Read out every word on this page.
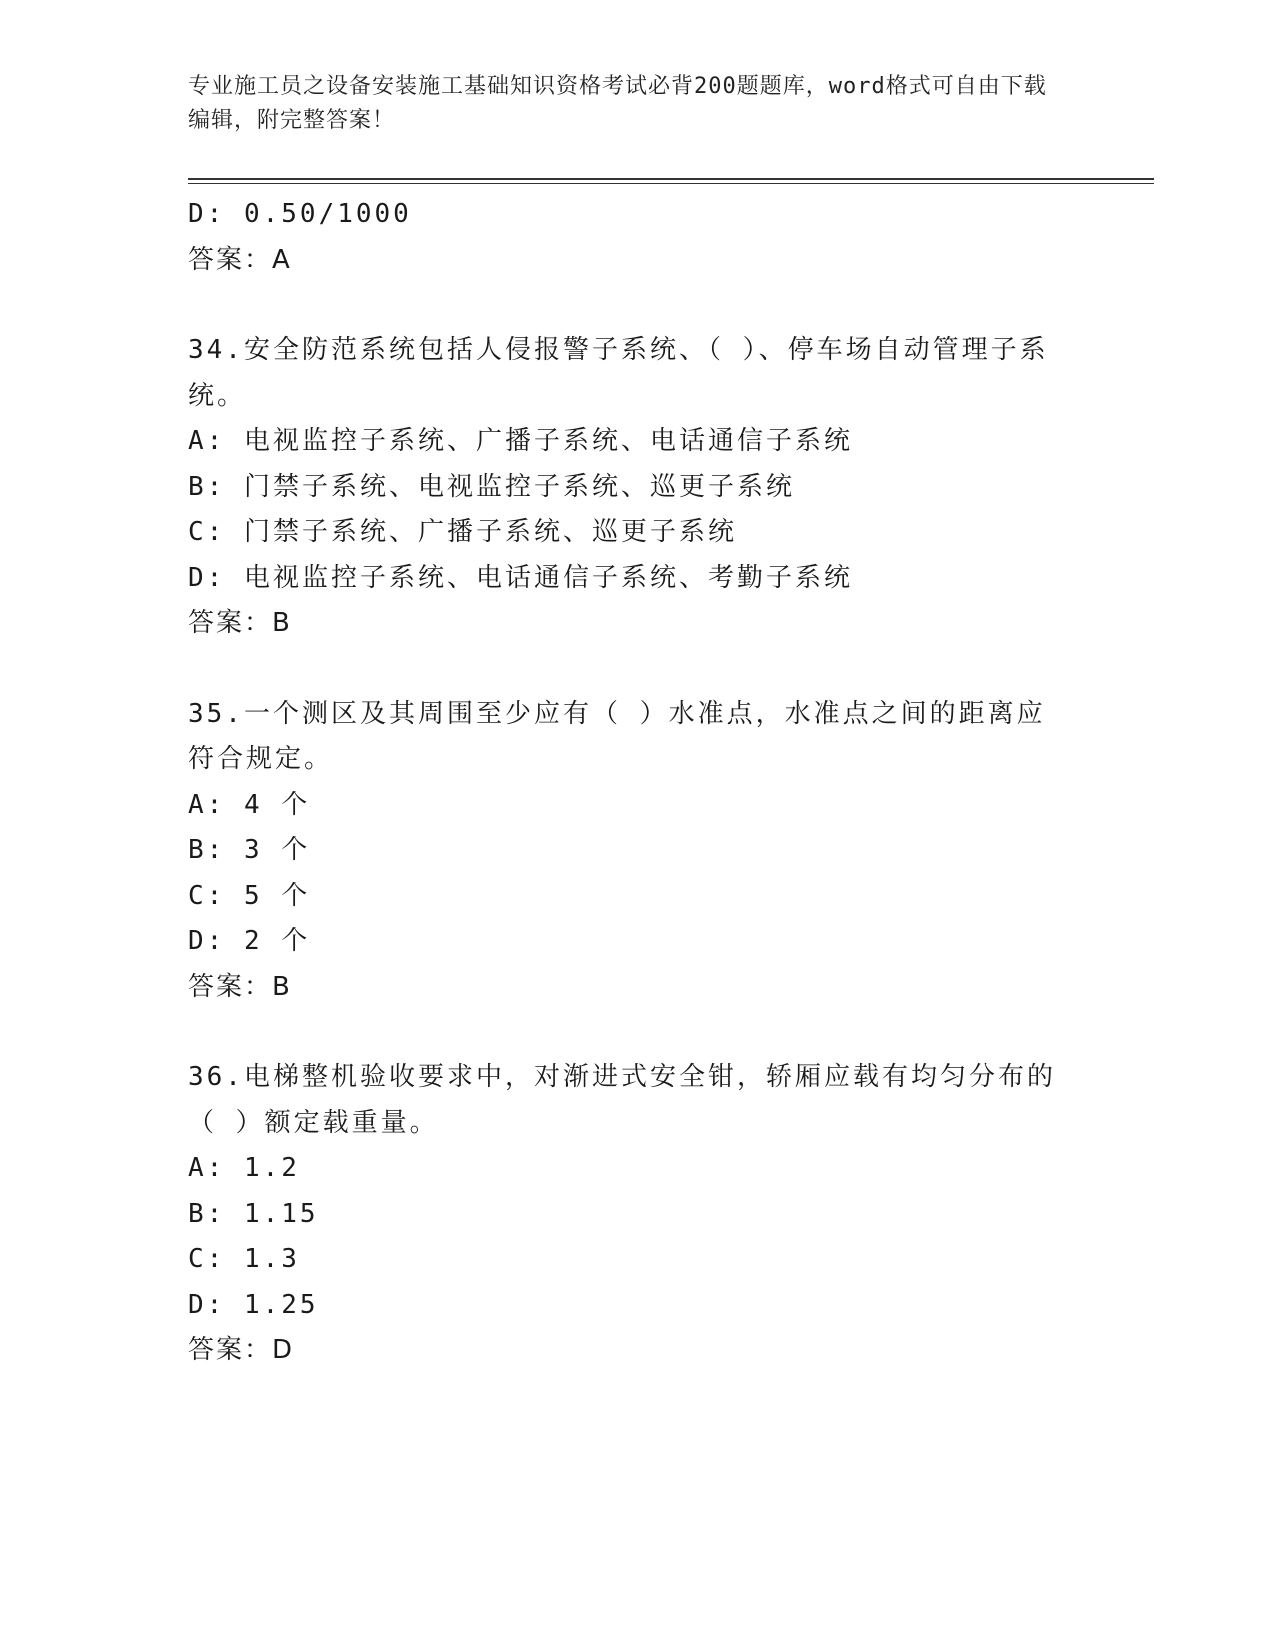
专业施工员之设备安装施工基础知识资格考试必背200题题库，word格式可自由下载编辑，附完整答案！

D: 0.50/1000

答案：A

34.安全防范系统包括人侵报警子系统、（ ）、停车场自动管理子系统。

A: 电视监控子系统、广播子系统、电话通信子系统

B: 门禁子系统、电视监控子系统、巡更子系统

C: 门禁子系统、广播子系统、巡更子系统

D: 电视监控子系统、电话通信子系统、考勤子系统

答案：B

35.一个测区及其周围至少应有（ ）水准点，水准点之间的距离应符合规定。

A: 4 个

B: 3 个

C: 5 个

D: 2 个

答案：B

36.电梯整机验收要求中，对渐进式安全钳，轿厢应载有均匀分布的（ ）额定载重量。

A: 1.2

B: 1.15

C: 1.3

D: 1.25

答案：D
